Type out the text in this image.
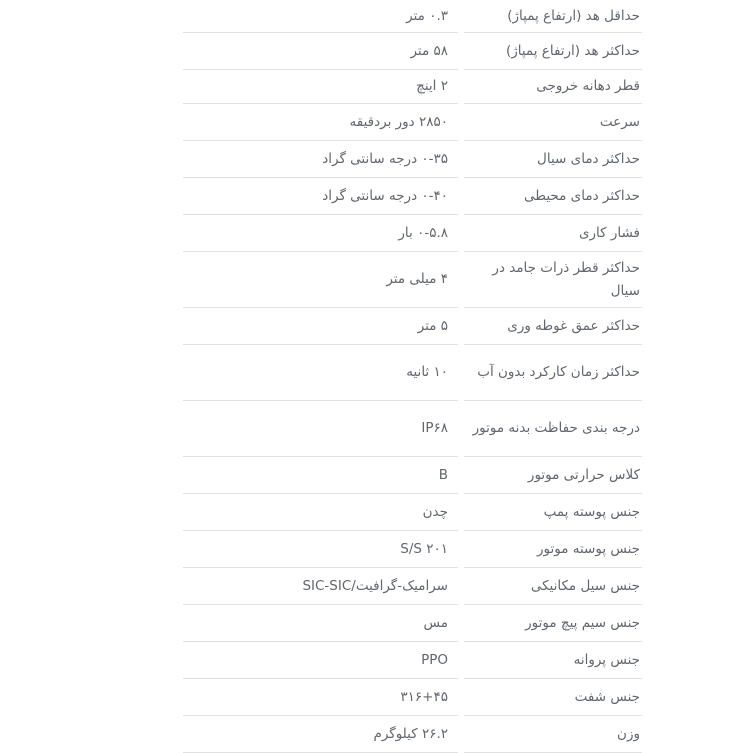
حداقل هد (ارتفاع پمپاژ)
۰.۳ متر
حداکثر هد (ارتفاع پمپاژ)
۵۸ متر
قطر دهانه خروجی
۲ اینچ
سرعت
۲۸۵۰ دور بردقیقه
حداکثر دمای سیال
۰-۳۵ درجه سانتی گراد
حداکثر دمای محیطی
۰-۴۰ درجه سانتی گراد
فشار کاری
۰-۵.۸ بار
حداکثر قطر ذرات جامد در سیال
۴ میلی متر
حداکثر عمق غوطه وری
۵ متر
حداکثر زمان کارکرد بدون آب
۱۰ ثانیه
درجه بندی حفاظت بدنه موتور
IP۶۸
کلاس حرارتی موتور
B
جنس پوسته پمپ
چدن
جنس پوسته موتور
S/S ۲۰۱
جنس سیل مکانیکی
سرامیک-گرافیت/SIC-SIC
جنس سیم پیچ موتور
مس
جنس پروانه
PPO
جنس شفت
۳۱۶+۴۵
وزن
۲۶.۲ کیلوگرم
